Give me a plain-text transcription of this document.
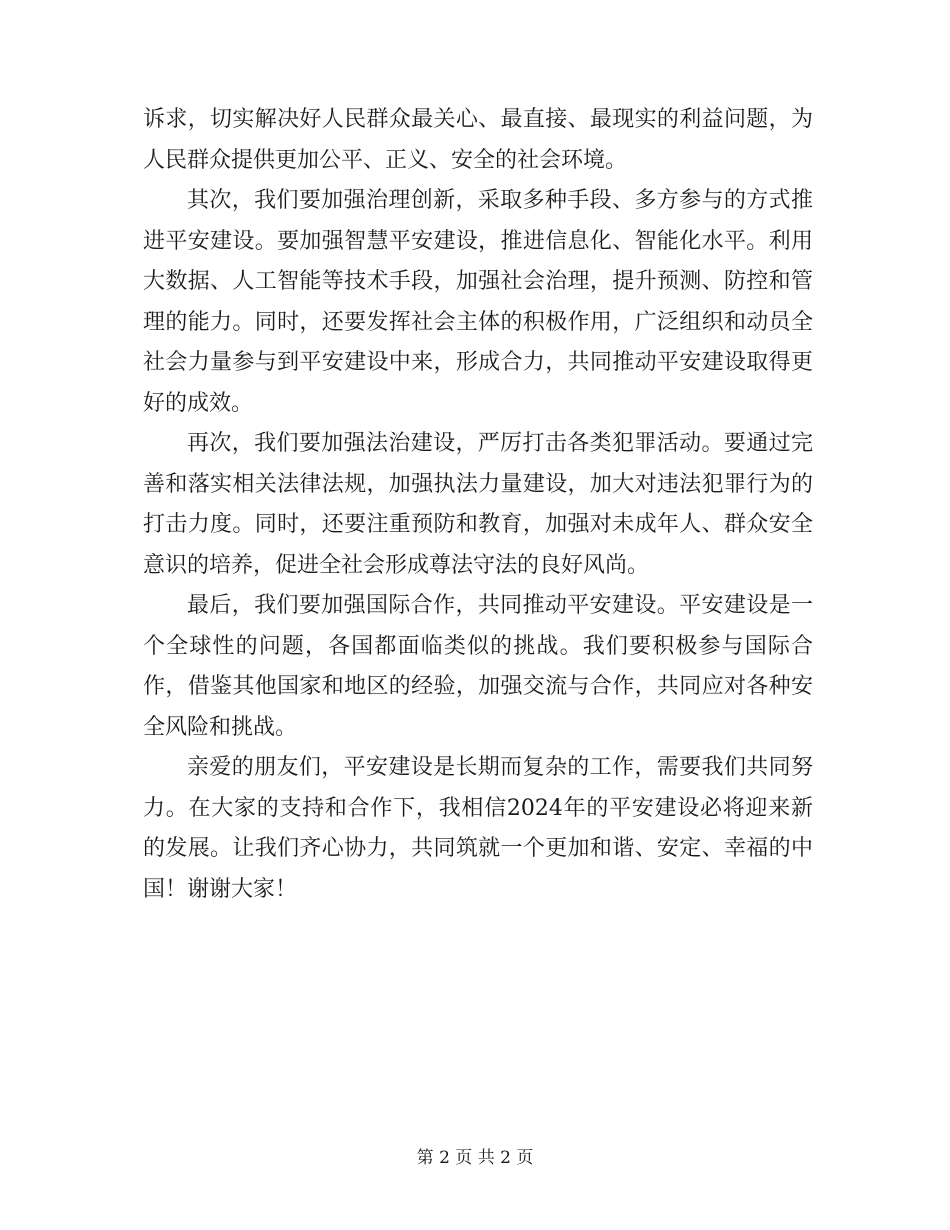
诉求，切实解决好人民群众最关心、最直接、最现实的利益问题，为人民群众提供更加公平、正义、安全的社会环境。

其次，我们要加强治理创新，采取多种手段、多方参与的方式推进平安建设。要加强智慧平安建设，推进信息化、智能化水平。利用大数据、人工智能等技术手段，加强社会治理，提升预测、防控和管理的能力。同时，还要发挥社会主体的积极作用，广泛组织和动员全社会力量参与到平安建设中来，形成合力，共同推动平安建设取得更好的成效。

再次，我们要加强法治建设，严厉打击各类犯罪活动。要通过完善和落实相关法律法规，加强执法力量建设，加大对违法犯罪行为的打击力度。同时，还要注重预防和教育，加强对未成年人、群众安全意识的培养，促进全社会形成尊法守法的良好风尚。

最后，我们要加强国际合作，共同推动平安建设。平安建设是一个全球性的问题，各国都面临类似的挑战。我们要积极参与国际合作，借鉴其他国家和地区的经验，加强交流与合作，共同应对各种安全风险和挑战。

亲爱的朋友们，平安建设是长期而复杂的工作，需要我们共同努力。在大家的支持和合作下，我相信2024年的平安建设必将迎来新的发展。让我们齐心协力，共同筑就一个更加和谐、安定、幸福的中国！谢谢大家！

第 2 页 共 2 页
